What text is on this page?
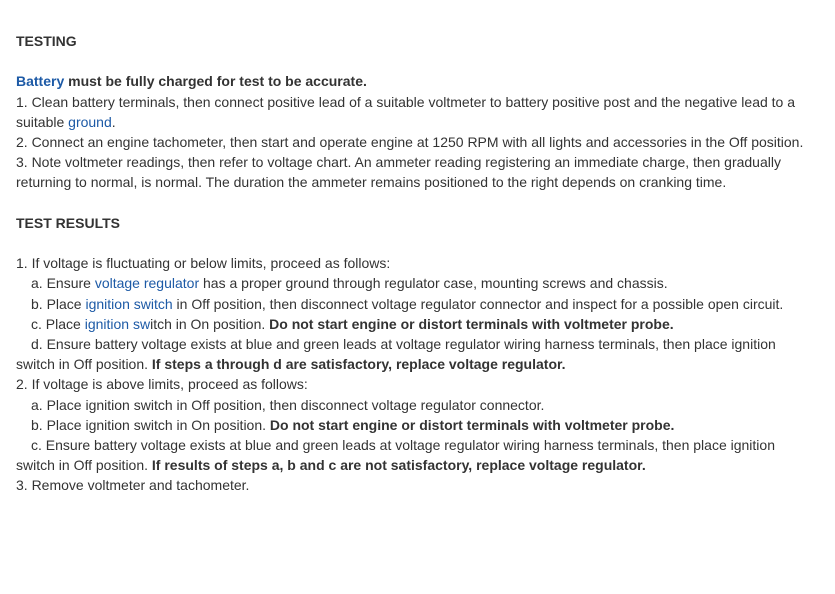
TESTING

Battery must be fully charged for test to be accurate.

1. Clean battery terminals, then connect positive lead of a suitable voltmeter to battery positive post and the negative lead to a suitable ground.

2. Connect an engine tachometer, then start and operate engine at 1250 RPM with all lights and accessories in the Off position.

3. Note voltmeter readings, then refer to voltage chart. An ammeter reading registering an immediate charge, then gradually returning to normal, is normal. The duration the ammeter remains positioned to the right depends on cranking time.

TEST RESULTS

1. If voltage is fluctuating or below limits, proceed as follows:

a. Ensure voltage regulator has a proper ground through regulator case, mounting screws and chassis.

b. Place ignition switch in Off position, then disconnect voltage regulator connector and inspect for a possible open circuit.

c. Place ignition switch in On position. Do not start engine or distort terminals with voltmeter probe.

d. Ensure battery voltage exists at blue and green leads at voltage regulator wiring harness terminals, then place ignition switch in Off position. If steps a through d are satisfactory, replace voltage regulator.

2. If voltage is above limits, proceed as follows:

a. Place ignition switch in Off position, then disconnect voltage regulator connector.

b. Place ignition switch in On position. Do not start engine or distort terminals with voltmeter probe.

c. Ensure battery voltage exists at blue and green leads at voltage regulator wiring harness terminals, then place ignition switch in Off position. If results of steps a, b and c are not satisfactory, replace voltage regulator.

3. Remove voltmeter and tachometer.
